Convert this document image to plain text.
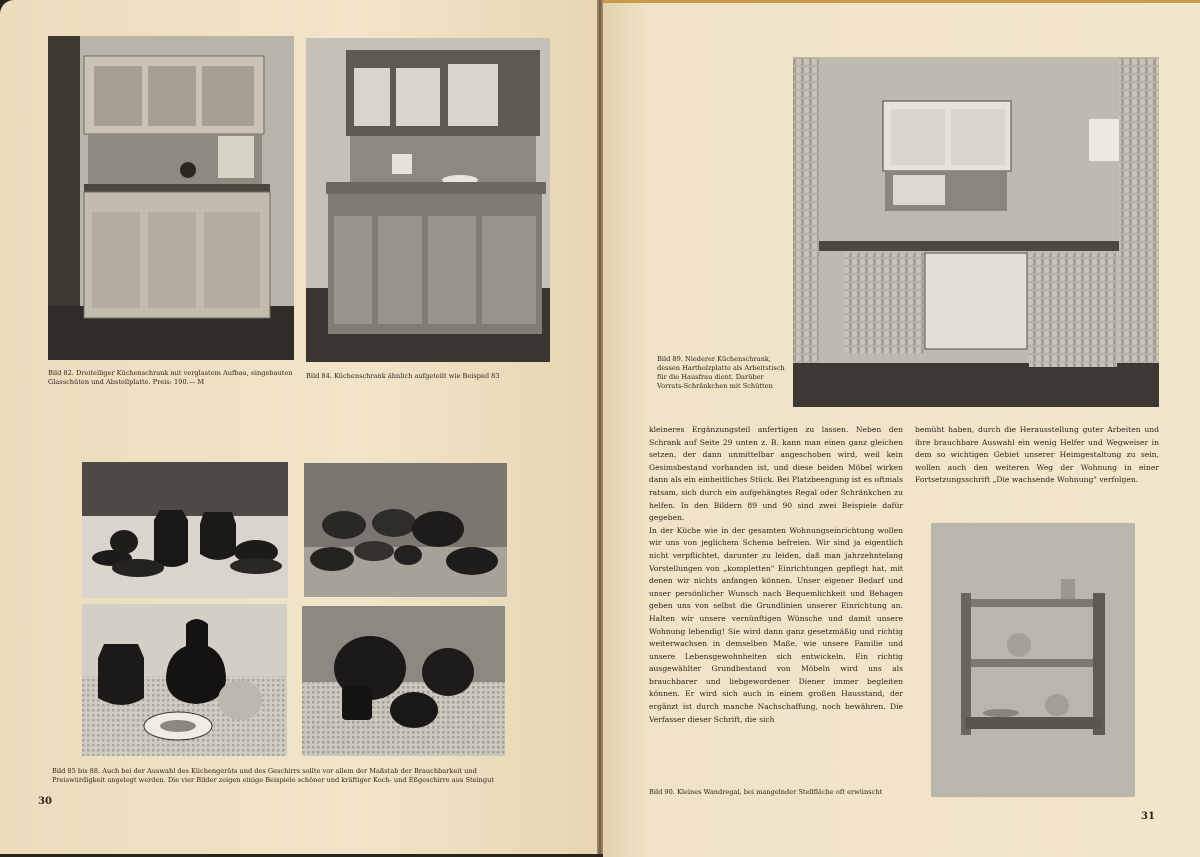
Bild 82. Dreiteiliger Küchenschrank mit verglastem Aufbau, eingebauten Glasschüten und Abstellplatte. Preis: 190.— M
Bild 84. Küchenschrank ähnlich aufgeteilt wie Beispiel 83
Bild 85 bis 88. Auch bei der Auswahl des Küchengeräts und des Geschirrs sollte vor allem der Maßstab der Brauchbarkeit und Preiswürdigkeit angelegt werden. Die vier Bilder zeigen einige Beispiele schöner und kräftiger Koch- und Eßgeschirre aus Steingut
30
Bild 89. Niederer Küchenschrank, dessen Hartholzplatte als Arbeitstisch für die Hausfrau dient. Darüber Vorrats-Schränkchen mit Schütten

kleineres Ergänzungsteil anfertigen zu lassen. Neben den Schrank auf Seite 29 unten z. B. kann man einen ganz gleichen setzen, der dann unmittelbar angeschoben wird, weil kein Gesimsbestand vorhanden ist, und diese beiden Möbel wirken dann als ein einheitliches Stück. Bei Platzbeengung ist es oftmals ratsam, sich durch ein aufgehängtes Regal oder Schränkchen zu helfen. In den Bildern 89 und 90 sind zwei Beispiele dafür gegeben.

In der Küche wie in der gesamten Wohnungseinrichtung wollen wir uns von jeglichem Schema befreien. Wir sind ja eigentlich nicht verpflichtet, darunter zu leiden, daß man jahrzehntelang Vorstellungen von „kompletten" Einrichtungen gepflegt hat, mit denen wir nichts anfangen können. Unser eigener Bedarf und unser persönlicher Wunsch nach Bequemlichkeit und Behagen geben uns von selbst die Grundlinien unserer Einrichtung an. Halten wir unsere vernünftigen Wünsche und damit unsere Wohnung lebendig! Sie wird dann ganz gesetzmäßig und richtig weiterwachsen in demselben Maße, wie unsere Familie und unsere Lebensgewohnheiten sich entwickeln. Ein richtig ausgewählter Grundbestand von Möbeln wird uns als brauchbarer und liebgewordener Diener immer begleiten können. Er wird sich auch in einem großen Hausstand, der ergänzt ist durch manche Nachschaffung, noch bewähren. Die Verfasser dieser Schrift, die sich

bemüht haben, durch die Herausstellung guter Arbeiten und ihre brauchbare Auswahl ein wenig Helfer und Wegweiser in dem so wichtigen Gebiet unserer Heimgestaltung zu sein, wollen auch den weiteren Weg der Wohnung in einer Fortsetzungsschrift „Die wachsende Wohnung" verfolgen.

Bild 90. Kleines Wandregal, bei mangelnder Stellfläche oft erwünscht
31
